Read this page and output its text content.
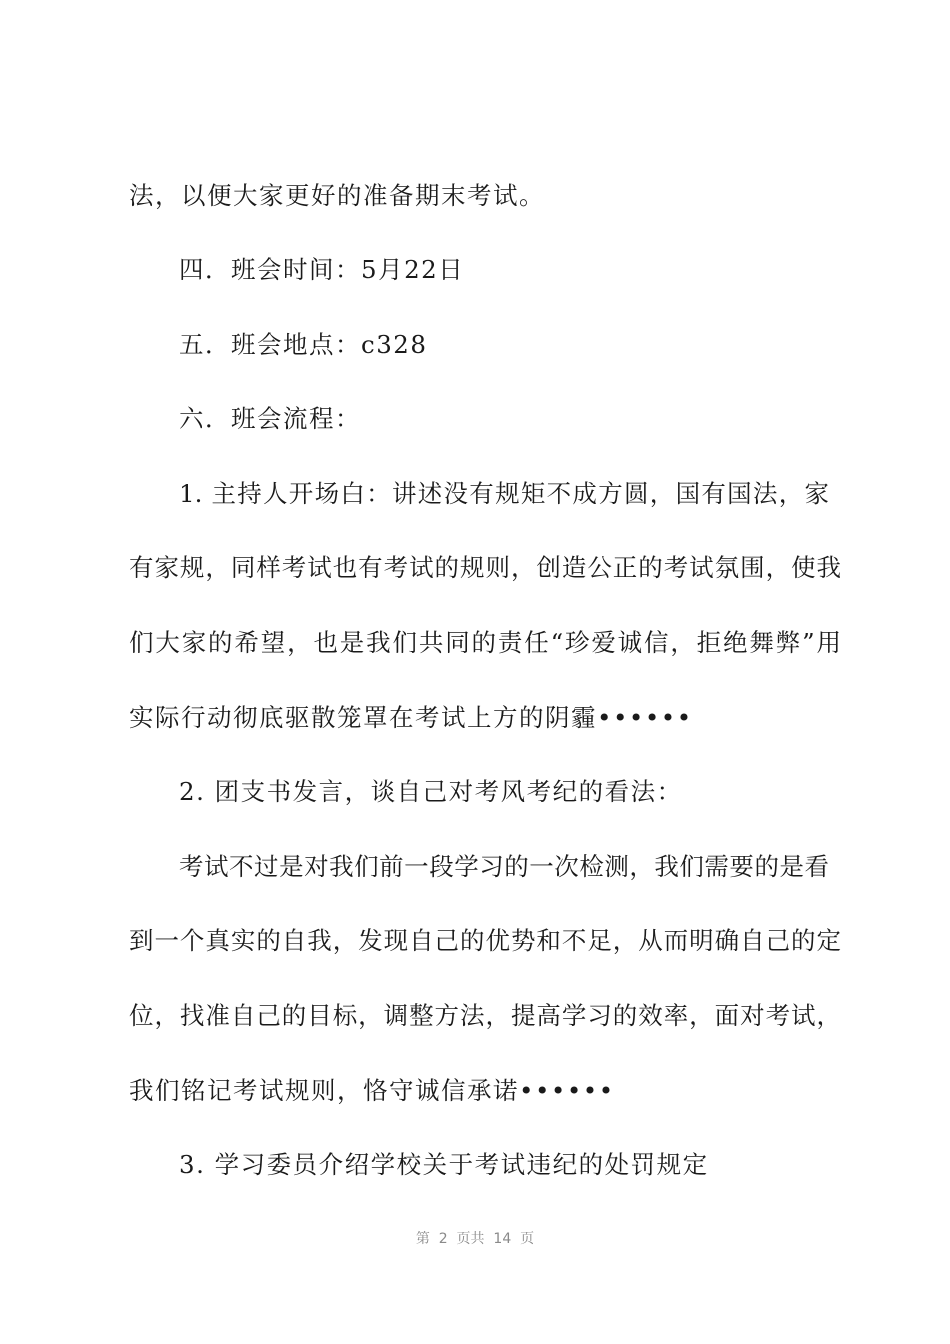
法，以便大家更好的准备期末考试。
四．班会时间：5月22日
五．班会地点：c328
六．班会流程：
1. 主持人开场白：讲述没有规矩不成方圆，国有国法，家
有家规，同样考试也有考试的规则，创造公正的考试氛围，使我
们大家的希望，也是我们共同的责任“珍爱诚信，拒绝舞弊”用
实际行动彻底驱散笼罩在考试上方的阴霾••••••
2. 团支书发言，谈自己对考风考纪的看法：
考试不过是对我们前一段学习的一次检测，我们需要的是看
到一个真实的自我，发现自己的优势和不足，从而明确自己的定
位，找准自己的目标，调整方法，提高学习的效率，面对考试，
我们铭记考试规则，恪守诚信承诺••••••
3. 学习委员介绍学校关于考试违纪的处罚规定
第  2  页共  14  页
